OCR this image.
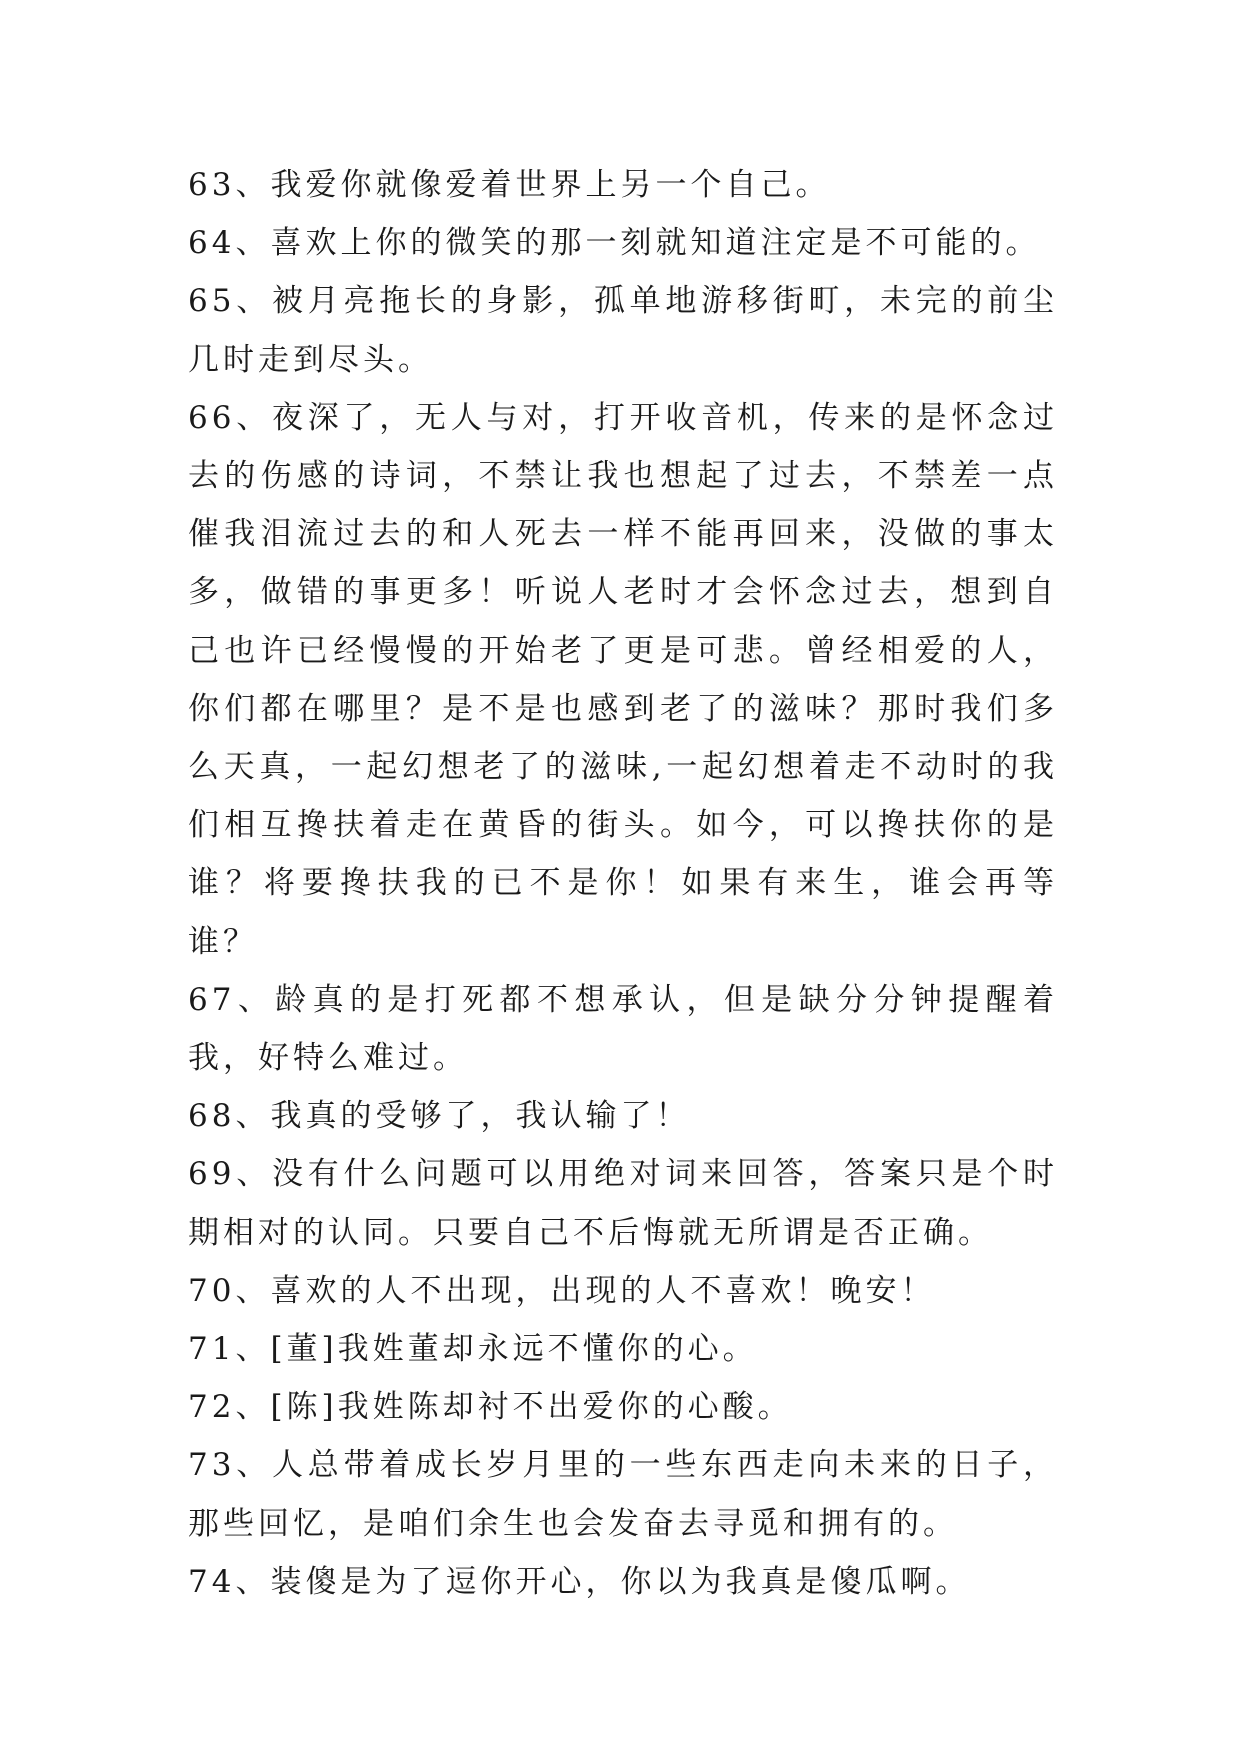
63、我爱你就像爱着世界上另一个自己。

64、喜欢上你的微笑的那一刻就知道注定是不可能的。

65、被月亮拖长的身影，孤单地游移街町，未完的前尘几时走到尽头。

66、夜深了，无人与对，打开收音机，传来的是怀念过去的伤感的诗词，不禁让我也想起了过去，不禁差一点催我泪流过去的和人死去一样不能再回来，没做的事太多，做错的事更多！听说人老时才会怀念过去，想到自己也许已经慢慢的开始老了更是可悲。曾经相爱的人，你们都在哪里？是不是也感到老了的滋味？那时我们多么天真，一起幻想老了的滋味,一起幻想着走不动时的我们相互搀扶着走在黄昏的街头。如今，可以搀扶你的是谁？将要搀扶我的已不是你！如果有来生，谁会再等谁？

67、龄真的是打死都不想承认，但是缺分分钟提醒着我，好特么难过。

68、我真的受够了，我认输了！

69、没有什么问题可以用绝对词来回答，答案只是个时期相对的认同。只要自己不后悔就无所谓是否正确。

70、喜欢的人不出现，出现的人不喜欢！晚安！

71、[董]我姓董却永远不懂你的心。

72、[陈]我姓陈却衬不出爱你的心酸。

73、人总带着成长岁月里的一些东西走向未来的日子，那些回忆，是咱们余生也会发奋去寻觅和拥有的。

74、装傻是为了逗你开心，你以为我真是傻瓜啊。
